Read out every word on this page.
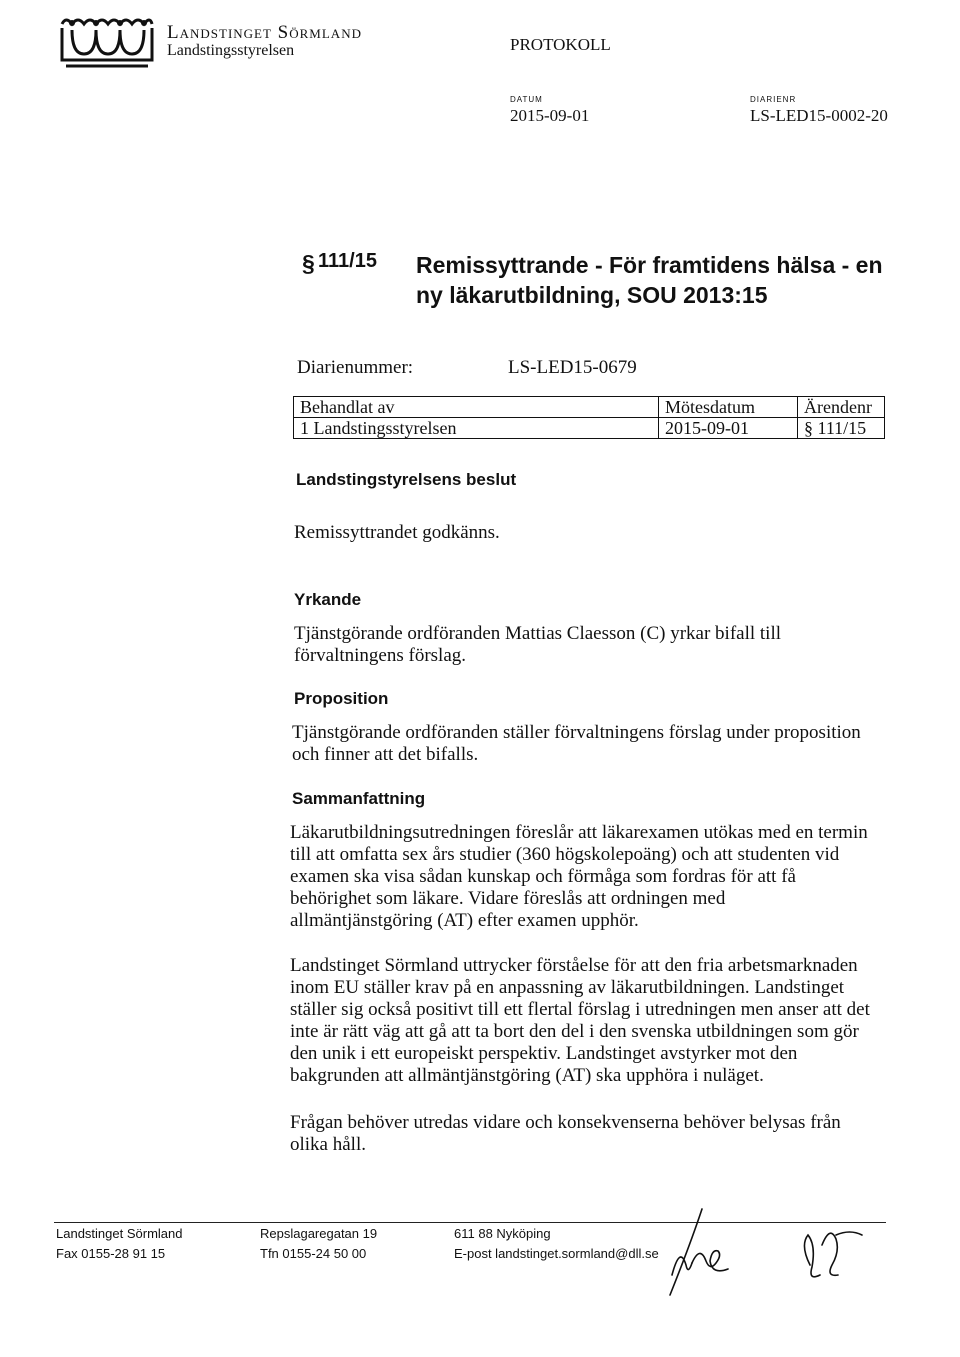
Landstinget Sörmland
Landstingsstyrelsen	PROTOKOLL
DATUM
2015-09-01
DIARIENR
LS-LED15-0002-20
§ 111/15 Remissyttrande - För framtidens hälsa - en
ny läkarutbildning, SOU 2013:15
Diarienummer:	LS-LED15-0679
Behandlat av	Mötesdatum	Ärendenr
1 Landstingsstyrelsen	2015-09-01	§ 111/15
Landstingstyrelsens beslut
Remissyttrandet godkänns.
Yrkande
Tjänstgörande ordföranden Mattias Claesson (C) yrkar bifall till
förvaltningens förslag.
Proposition
Tjänstgörande ordföranden ställer förvaltningens förslag under proposition
och finner att det bifalls.
Sammanfattning
Läkarutbildningsutredningen föreslår att läkarexamen utökas med en termin
till att omfatta sex års studier (360 högskolepoäng) och att studenten vid
examen ska visa sådan kunskap och förmåga som fordras för att få
behörighet som läkare. Vidare föreslås att ordningen med
allmäntjänstgöring (AT) efter examen upphör.
Landstinget Sörmland uttrycker förståelse för att den fria arbetsmarknaden
inom EU ställer krav på en anpassning av läkarutbildningen. Landstinget
ställer sig också positivt till ett flertal förslag i utredningen men anser att det
inte är rätt väg att gå att ta bort den del i den svenska utbildningen som gör
den unik i ett europeiskt perspektiv. Landstinget avstyrker mot den
bakgrunden att allmäntjänstgöring (AT) ska upphöra i nuläget.
Frågan behöver utredas vidare och konsekvenserna behöver belysas från
olika håll.
Landstinget Sörmland
Fax 0155-28 91 15
Repslagaregatan 19
Tfn 0155-24 50 00
611 88 Nyköping
E-post landstinget.sormland@dll.se
